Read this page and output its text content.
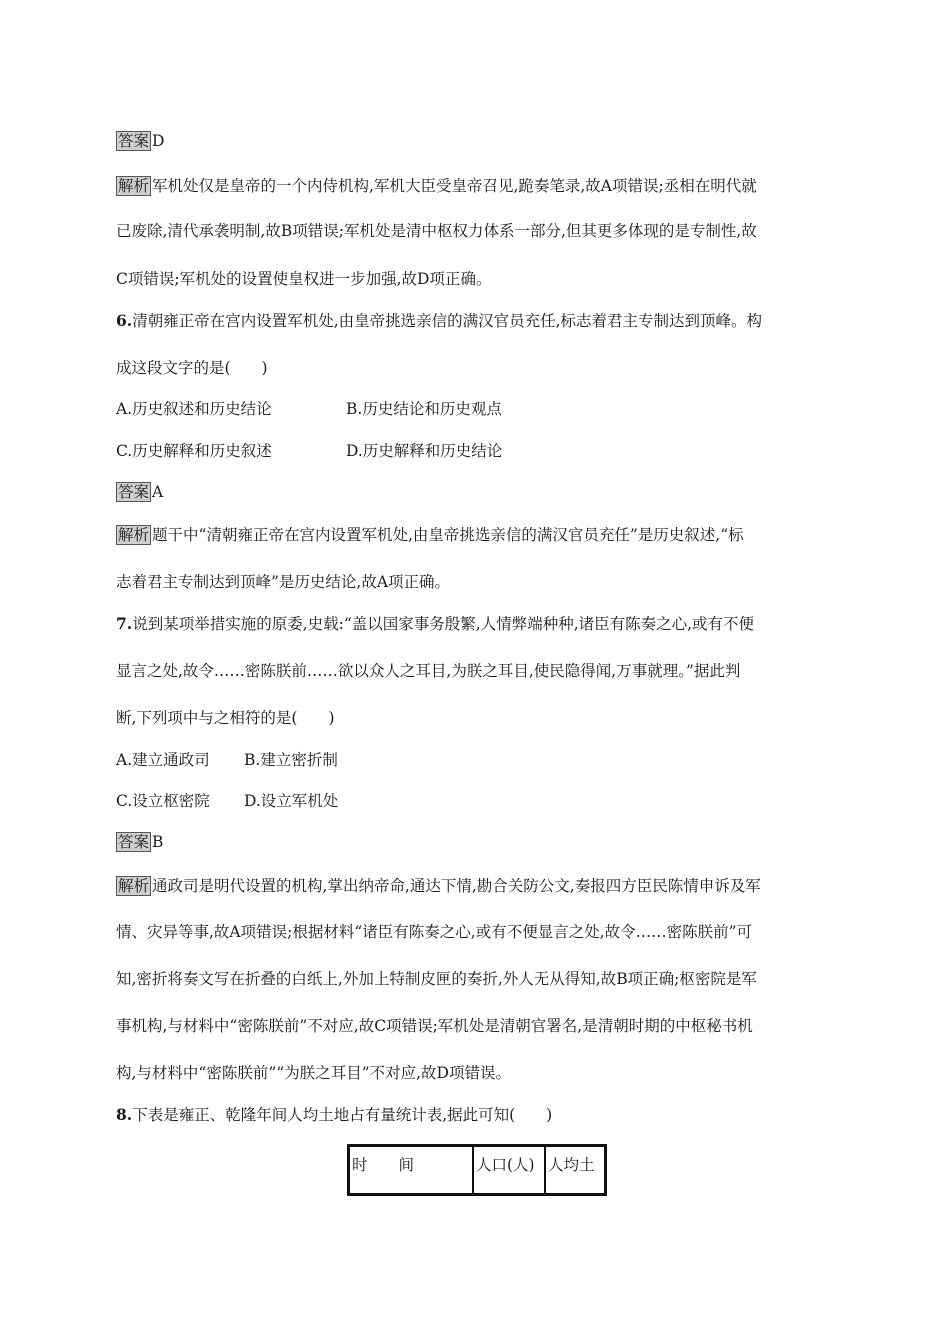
答案 D
解析 军机处仅是皇帝的一个内侍机构,军机大臣受皇帝召见,跪奏笔录,故A项错误;丞相在明代就
已废除,清代承袭明制,故B项错误;军机处是清中枢权力体系一部分,但其更多体现的是专制性,故
C项错误;军机处的设置使皇权进一步加强,故D项正确。
6.清朝雍正帝在宫内设置军机处,由皇帝挑选亲信的满汉官员充任,标志着君主专制达到顶峰。构
成这段文字的是(　　)
A.历史叙述和历史结论	B.历史结论和历史观点
C.历史解释和历史叙述	D.历史解释和历史结论
答案 A
解析 题干中“清朝雍正帝在宫内设置军机处,由皇帝挑选亲信的满汉官员充任”是历史叙述,“标
志着君主专制达到顶峰”是历史结论,故A项正确。
7.说到某项举措实施的原委,史载:“盖以国家事务殷繁,人情弊端种种,诸臣有陈奏之心,或有不便
显言之处,故令……密陈朕前……欲以众人之耳目,为朕之耳目,使民隐得闻,万事就理。”据此判
断,下列项中与之相符的是(　　)
A.建立通政司 B.建立密折制
C.设立枢密院 D.设立军机处
答案 B
解析 通政司是明代设置的机构,掌出纳帝命,通达下情,勘合关防公文,奏报四方臣民陈情申诉及军
情、灾异等事,故A项错误;根据材料“诸臣有陈奏之心,或有不便显言之处,故令……密陈朕前”可
知,密折将奏文写在折叠的白纸上,外加上特制皮匣的奏折,外人无从得知,故B项正确;枢密院是军
事机构,与材料中“密陈朕前”不对应,故C项错误;军机处是清朝官署名,是清朝时期的中枢秘书机
构,与材料中“密陈朕前”“为朕之耳目”不对应,故D项错误。
8.下表是雍正、乾隆年间人均土地占有量统计表,据此可知(　　)
时　　间	人口(人)	人均土
